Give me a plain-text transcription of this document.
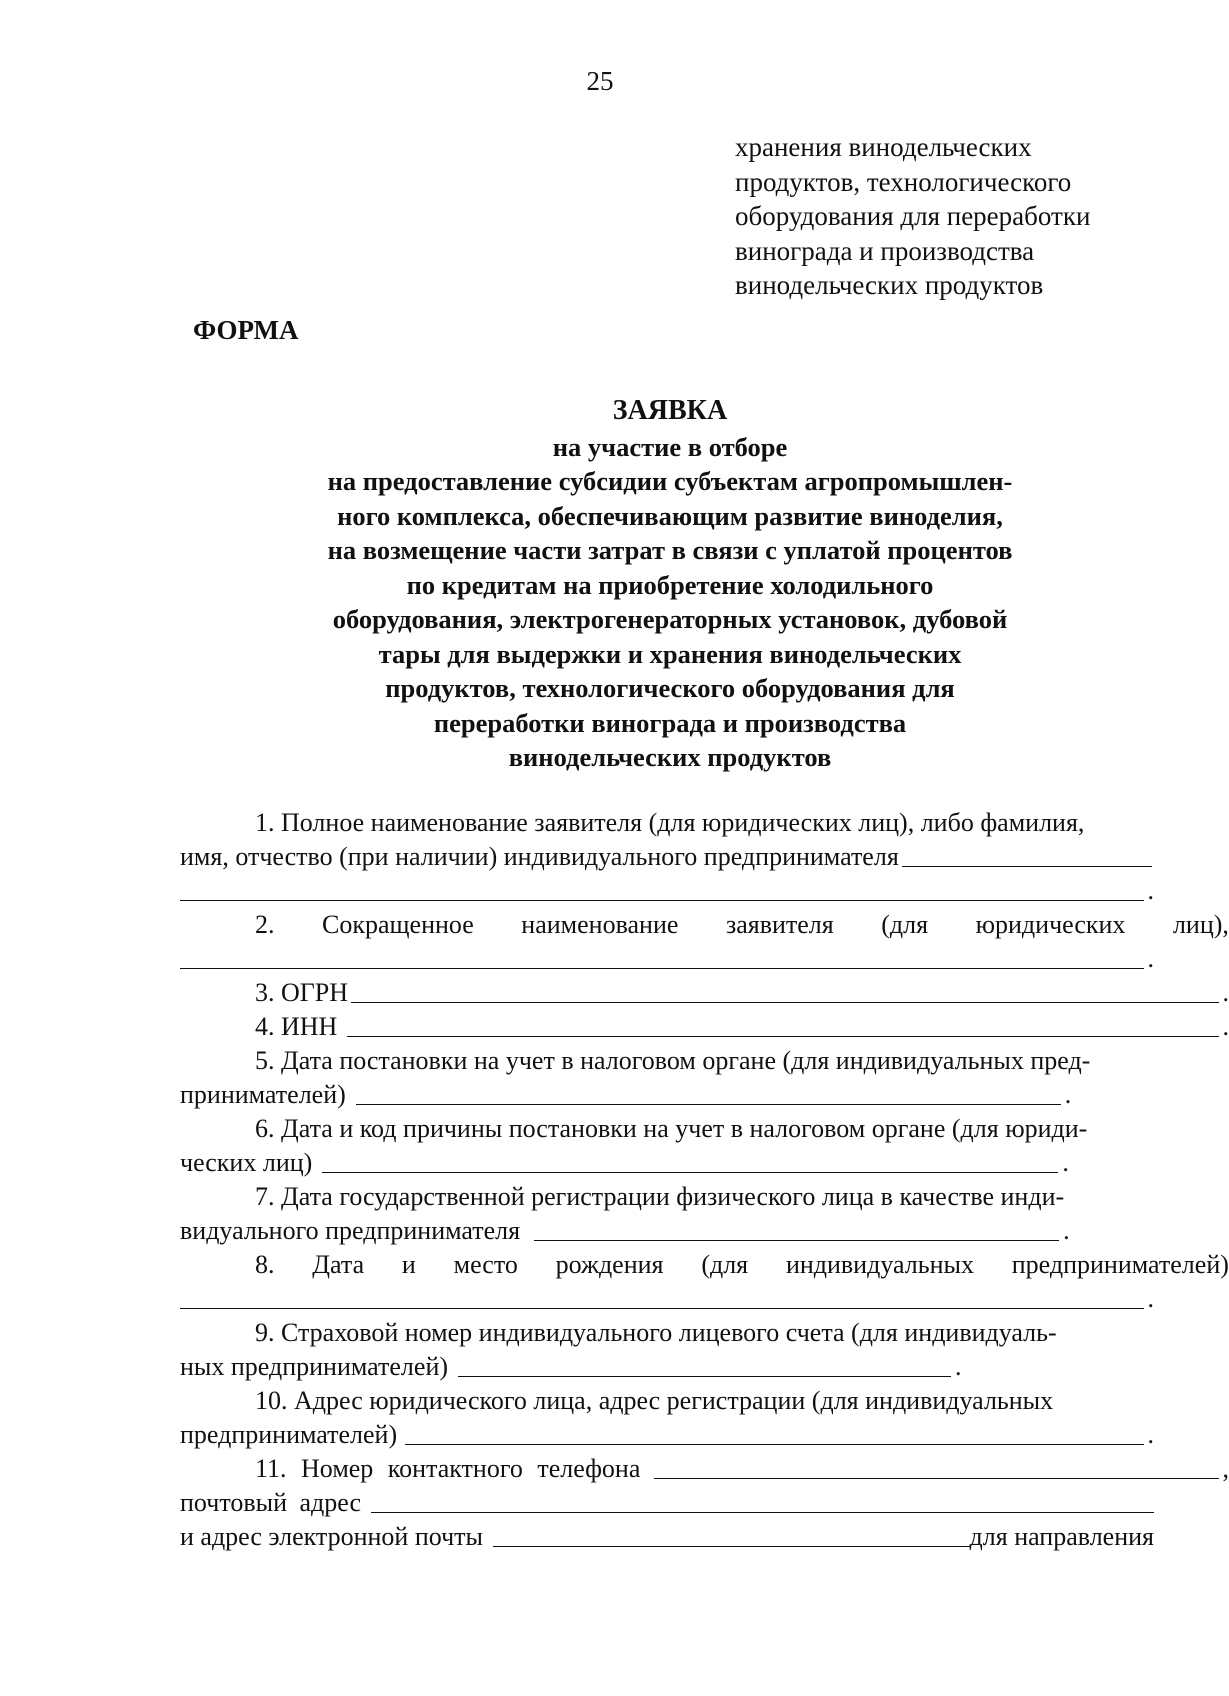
25
хранения винодельческих
продуктов, технологического
оборудования для переработки
винограда и производства
винодельческих продуктов
ФОРМА
ЗАЯВКА
на участие в отборе
на предоставление субсидии субъектам агропромышлен-
ного комплекса, обеспечивающим развитие виноделия,
на возмещение части затрат в связи с уплатой процентов
по кредитам на приобретение холодильного
оборудования, электрогенераторных установок, дубовой
тары для выдержки и хранения винодельческих
продуктов, технологического оборудования для
переработки винограда и производства
винодельческих продуктов
1. Полное наименование заявителя (для юридических лиц), либо фамилия,
имя, отчество (при наличии) индивидуального предпринимателя
.
2. Сокращенное наименование заявителя (для юридических лиц),
.
3. ОГРН	.
4. ИНН	.
5. Дата постановки на учет в налоговом органе (для индивидуальных пред-
принимателей)	.
6. Дата и код причины постановки на учет в налоговом органе (для юриди-
ческих лиц)	.
7. Дата государственной регистрации физического лица в качестве инди-
видуального предпринимателя	.
8. Дата и место рождения (для индивидуальных предпринимателей)
.
9. Страховой номер индивидуального лицевого счета (для индивидуаль-
ных предпринимателей)	.
10. Адрес юридического лица, адрес регистрации (для индивидуальных
предпринимателей)	.
11. Номер контактного телефона	,
почтовый адрес
и адрес электронной почты	для направления
